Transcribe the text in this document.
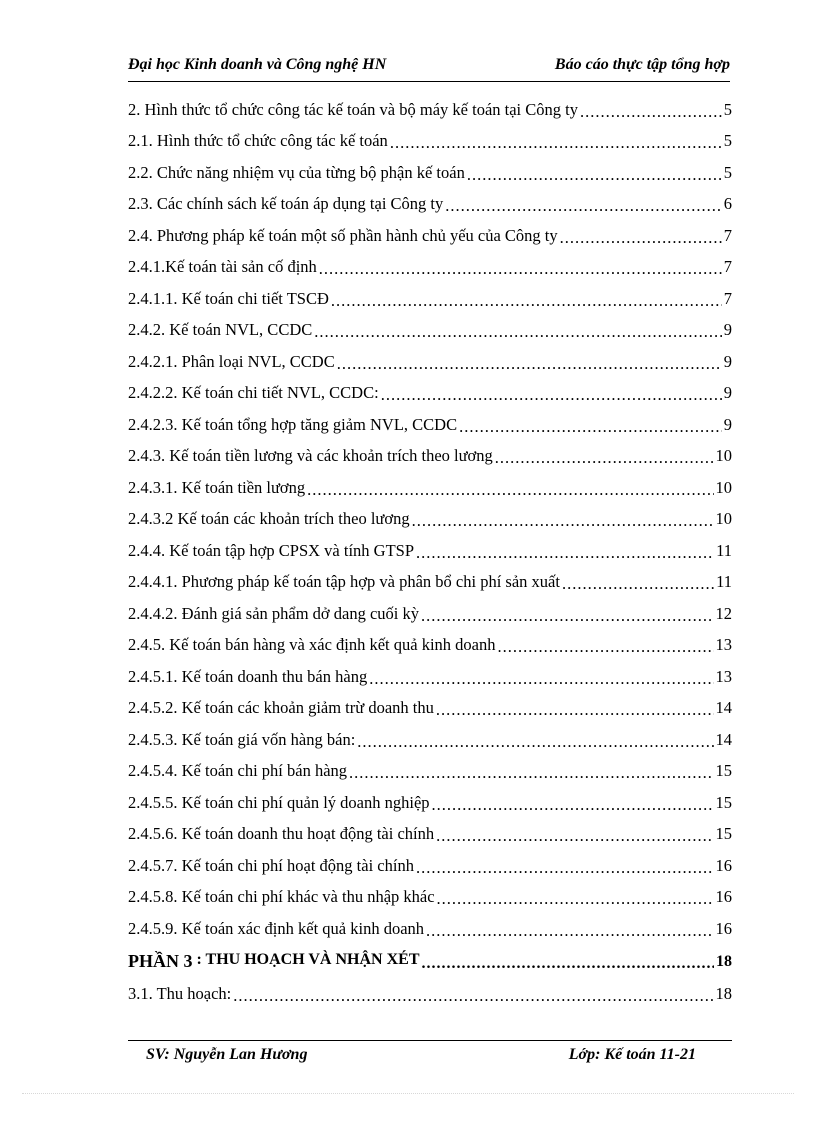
Đại học Kinh doanh và Công nghệ HN	Báo cáo thực tập tổng hợp
2. Hình thức tổ chức công tác kế toán và bộ máy kế toán tại Công ty .....	5
2.1. Hình thức tổ chức công tác kế toán .....	5
2.2. Chức năng nhiệm vụ của từng bộ phận kế toán .....	5
2.3. Các chính sách kế toán áp dụng tại Công ty .....	6
2.4. Phương pháp kế toán một số phần hành chủ yếu của Công ty .....	7
2.4.1.Kế toán tài sản cố định .....	7
2.4.1.1. Kế toán chi tiết TSCĐ .....	7
2.4.2. Kế toán NVL, CCDC .....	9
2.4.2.1. Phân loại NVL, CCDC .....	9
2.4.2.2. Kế toán chi tiết NVL, CCDC: .....	9
2.4.2.3. Kế toán tổng hợp tăng giảm NVL, CCDC .....	9
2.4.3. Kế toán tiền lương và các khoản trích theo lương .....	10
2.4.3.1. Kế toán tiền lương .....	10
2.4.3.2 Kế toán các khoản trích theo lương .....	10
2.4.4. Kế toán tập hợp CPSX và tính GTSP .....	11
2.4.4.1. Phương pháp kế toán tập hợp và phân bổ chi phí sản xuất .....	11
2.4.4.2. Đánh giá sản phẩm dở dang cuối kỳ .....	12
2.4.5. Kế toán bán hàng và xác định kết quả kinh doanh .....	13
2.4.5.1. Kế toán doanh thu bán hàng .....	13
2.4.5.2. Kế toán các khoản giảm trừ doanh thu .....	14
2.4.5.3. Kế toán giá vốn hàng bán: .....	14
2.4.5.4. Kế toán chi phí bán hàng .....	15
2.4.5.5. Kế toán chi phí quản lý doanh nghiệp .....	15
2.4.5.6. Kế toán doanh thu hoạt động tài chính .....	15
2.4.5.7. Kế toán chi phí hoạt động tài chính .....	16
2.4.5.8. Kế toán chi phí khác và thu nhập khác .....	16
2.4.5.9. Kế toán xác định kết quả kinh doanh .....	16
PHẦN 3 : THU HOẠCH VÀ NHẬN XÉT .....	18
3.1. Thu hoạch: .....	18
SV: Nguyễn Lan Hương	Lớp: Kế toán 11-21
